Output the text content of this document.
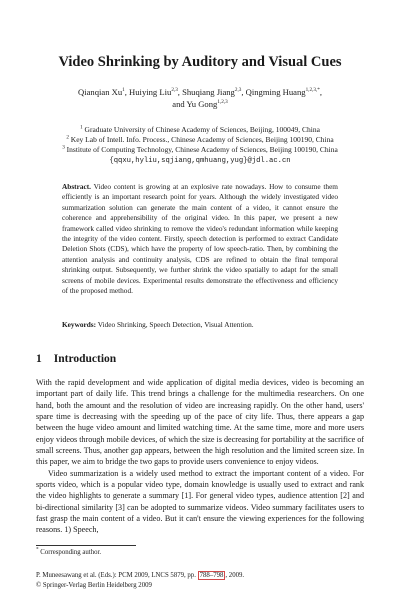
Video Shrinking by Auditory and Visual Cues
Qianqian Xu$^1$, Huiying Liu$^{2,3}$, Shuqiang Jiang$^{2,3}$, Qingming Huang$^{1,2,3,*}$,
and Yu Gong$^{1,2,3}$
$^1$ Graduate University of Chinese Academy of Sciences, Beijing, 100049, China
$^2$ Key Lab of Intell. Info. Process., Chinese Academy of Sciences, Beijing 100190, China
$^3$ Institute of Computing Technology, Chinese Academy of Sciences, Beijing 100190, China
{qqxu,hyliu,sqjiang,qmhuang,yug}@jdl.ac.cn

Abstract. Video content is growing at an explosive rate nowadays. How to consume them efficiently is an important research point for years. Although the widely investigated video summarization solution can generate the main content of a video, it cannot ensure the coherence and apprehensibility of the original video. In this paper, we present a new framework called video shrinking to remove the video's redundant information while keeping the integrity of the video content. Firstly, speech detection is performed to extract Candidate Deletion Shots (CDS), which have the property of low speech-ratio. Then, by combining the attention analysis and continuity analysis, CDS are refined to obtain the final temporal shrinking output. Subsequently, we further shrink the video spatially to adapt for the small screens of mobile devices. Experimental results demonstrate the effectiveness and efficiency of the proposed method.

Keywords: Video Shrinking, Speech Detection, Visual Attention.
1 Introduction

With the rapid development and wide application of digital media devices, video is becoming an important part of daily life. This trend brings a challenge for the multimedia researchers. On one hand, both the amount and the resolution of video are increasing rapidly. On the other hand, users' spare time is decreasing with the speeding up of the pace of city life. Thus, there appears a gap between the huge video amount and limited watching time. At the same time, more and more users enjoy videos through mobile devices, of which the size is decreasing for portability at the sacrifice of small screens. Thus, another gap appears, between the high resolution and the limited screen size. In this paper, we aim to bridge the two gaps to provide users convenience to enjoy videos.

Video summarization is a widely used method to extract the important content of a video. For sports video, which is a popular video type, domain knowledge is usually used to extract and rank the video highlights to generate a summary [1]. For general video types, audience attention [2] and bi-directional similarity [3] can be adopted to summarize videos. Video summary facilitates users to fast grasp the main content of a video. But it can't ensure the viewing experiences for the following reasons. 1) Speech,

* Corresponding author.
P. Muneesawang et al. (Eds.): PCM 2009, LNCS 5879, pp. 788–798 , 2009.
© Springer-Verlag Berlin Heidelberg 2009
